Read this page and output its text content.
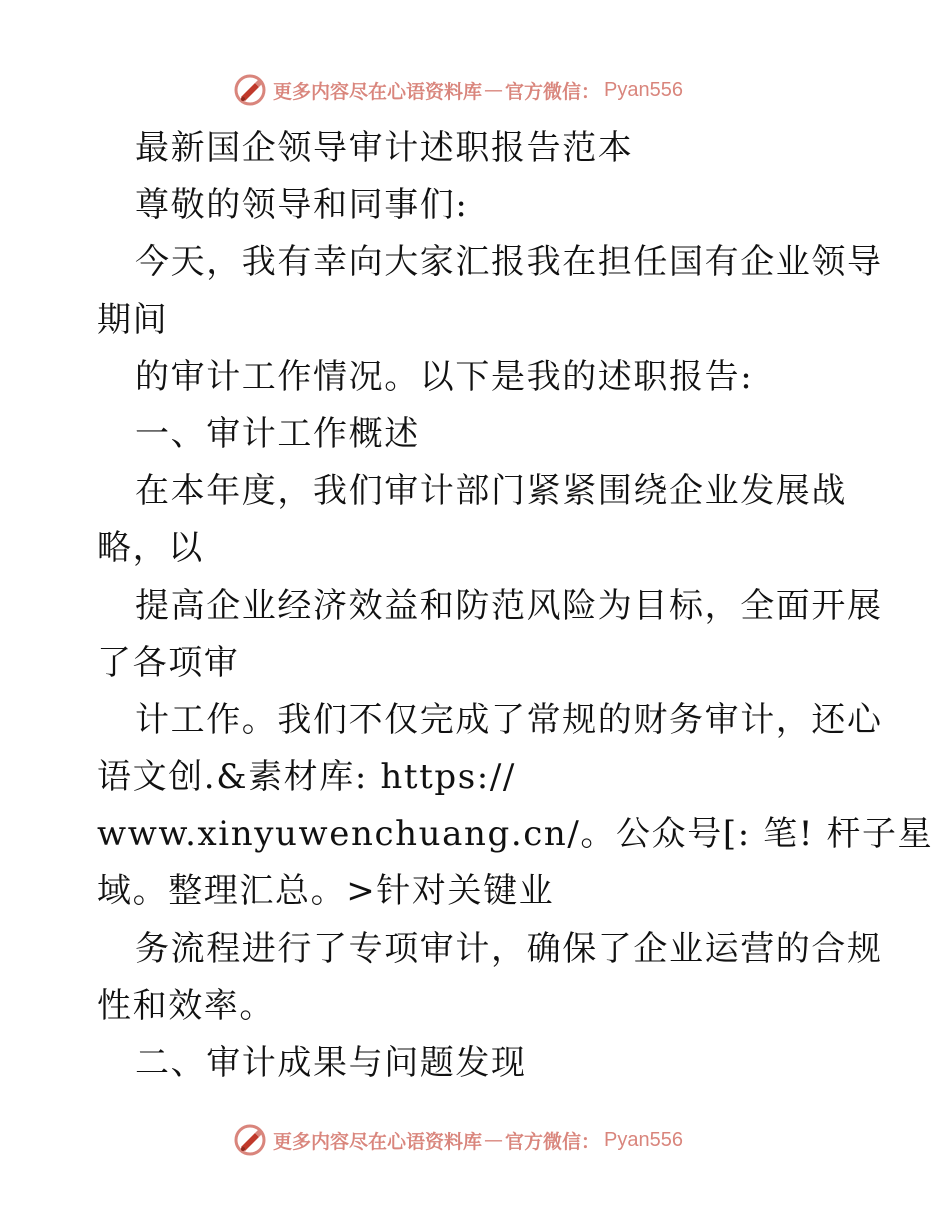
更多内容尽在心语资料库 — 官方微信： Pyan556
最新国企领导审计述职报告范本
尊敬的领导和同事们:
今天，我有幸向大家汇报我在担任国有企业领导
期间
的审计工作情况。以下是我的述职报告:
一、审计工作概述
在本年度，我们审计部门紧紧围绕企业发展战
略，以
提高企业经济效益和防范风险为目标，全面开展
了各项审
计工作。我们不仅完成了常规的财务审计，还心
语文创.&素材库: https://
www.xinyuwenchuang.cn/。公众号[: 笔! 杆子星
域。整理汇总。>针对关键业
务流程进行了专项审计，确保了企业运营的合规
性和效率。
二、审计成果与问题发现
更多内容尽在心语资料库 — 官方微信： Pyan556
